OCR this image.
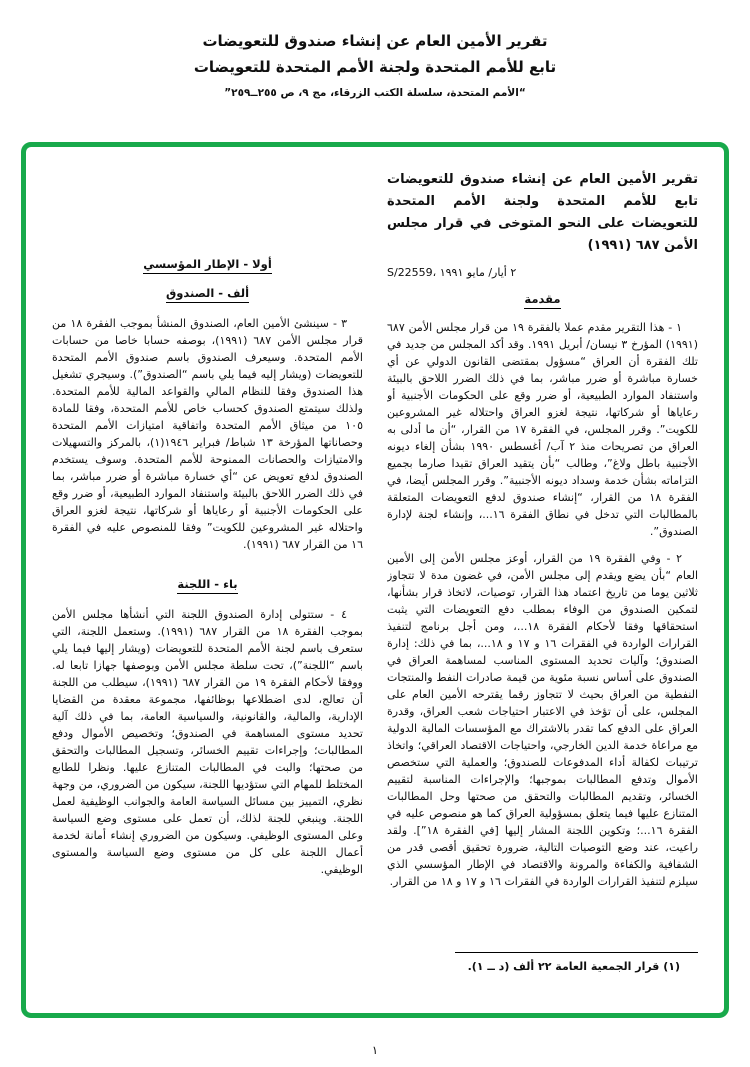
تقرير الأمين العام عن إنشاء صندوق للتعويضات
تابع للأمم المتحدة ولجنة الأمم المتحدة للتعويضات
“الأمم المتحدة، سلسلة الكتب الزرقاء، مج ٩، ص ٢٥٥ــ٢٥٩”
تقرير الأمين العام عن إنشاء صندوق للتعويضات تابع للأمم المتحدة ولجنة الأمم المتحدة للتعويضات على النحو المتوخى في قرار مجلس الأمن ٦٨٧ (١٩٩١)
S/22559، ٢ أيار/ مايو ١٩٩١
مقدمة

١ - هذا التقرير مقدم عملا بالفقرة ١٩ من قرار مجلس الأمن ٦٨٧ (١٩٩١) المؤرخ ٣ نيسان/ أبريل ١٩٩١. وقد أكد المجلس من جديد في تلك الفقرة أن العراق “مسؤول بمقتضى القانون الدولي عن أي خسارة مباشرة أو ضرر مباشر، بما في ذلك الضرر اللاحق بالبيئة واستنفاد الموارد الطبيعية، أو ضرر وقع على الحكومات الأجنبية أو رعاياها أو شركاتها، نتيجة لغزو العراق واحتلاله غير المشروعين للكويت”. وقرر المجلس، في الفقرة ١٧ من القرار، “أن ما أدلى به العراق من تصريحات منذ ٢ آب/ أغسطس ١٩٩٠ بشأن إلغاء ديونه الأجنبية باطل ولاغ”، وطالب “بأن يتقيد العراق تقيدا صارما بجميع التزاماته بشأن خدمة وسداد ديونه الأجنبية”. وقرر المجلس أيضا، في الفقرة ١٨ من القرار، “إنشاء صندوق لدفع التعويضات المتعلقة بالمطالبات التي تدخل في نطاق الفقرة ١٦...، وإنشاء لجنة لإدارة الصندوق”.

٢ - وفي الفقرة ١٩ من القرار، أوعز مجلس الأمن إلى الأمين العام “بأن يضع ويقدم إلى مجلس الأمن، في غضون مدة لا تتجاوز ثلاثين يوما من تاريخ اعتماد هذا القرار، توصيات، لاتخاذ قرار بشأنها، لتمكين الصندوق من الوفاء بمطلب دفع التعويضات التي يثبت استحقاقها وفقا لأحكام الفقرة ١٨...، ومن أجل برنامج لتنفيذ القرارات الواردة في الفقرات ١٦ و ١٧ و ١٨...، بما في ذلك: إدارة الصندوق؛ وآليات تحديد المستوى المناسب لمساهمة العراق في الصندوق على أساس نسبة مئوية من قيمة صادرات النفط والمنتجات النفطية من العراق بحيث لا تتجاوز رقما يقترحه الأمين العام على المجلس، على أن تؤخذ في الاعتبار احتياجات شعب العراق، وقدرة العراق على الدفع كما تقدر بالاشتراك مع المؤسسات المالية الدولية مع مراعاة خدمة الدين الخارجي، واحتياجات الاقتصاد العراقي؛ واتخاذ ترتيبات لكفالة أداء المدفوعات للصندوق؛ والعملية التي ستخصص الأموال وتدفع المطالبات بموجبها؛ والإجراءات المناسبة لتقييم الخسائر، وتقديم المطالبات والتحقق من صحتها وحل المطالبات المتنازع عليها فيما يتعلق بمسؤولية العراق كما هو منصوص عليه في الفقرة ١٦...؛ وتكوين اللجنة المشار إليها [في الفقرة ١٨”]. ولقد راعيت، عند وضع التوصيات التالية، ضرورة تحقيق أقصى قدر من الشفافية والكفاءة والمرونة والاقتصاد في الإطار المؤسسي الذي سيلزم لتنفيذ القرارات الواردة في الفقرات ١٦ و ١٧ و ١٨ من القرار.

(١) قرار الجمعية العامة ٢٢ ألف (د ــ ١).
أولا - الإطار المؤسسي
ألف - الصندوق

٣ - سينشئ الأمين العام، الصندوق المنشأ بموجب الفقرة ١٨ من قرار مجلس الأمن ٦٨٧ (١٩٩١)، بوصفه حسابا خاصا من حسابات الأمم المتحدة. وسيعرف الصندوق باسم صندوق الأمم المتحدة للتعويضات (ويشار إليه فيما يلي باسم “الصندوق”). وسيجري تشغيل هذا الصندوق وفقا للنظام المالي والقواعد المالية للأمم المتحدة. ولذلك سيتمتع الصندوق كحساب خاص للأمم المتحدة، وفقا للمادة ١٠٥ من ميثاق الأمم المتحدة واتفاقية امتيازات الأمم المتحدة وحصاناتها المؤرخة ١٣ شباط/ فبراير ١٩٤٦(١)، بالمركز والتسهيلات والامتيازات والحصانات الممنوحة للأمم المتحدة. وسوف يستخدم الصندوق لدفع تعويض عن “أي خسارة مباشرة أو ضرر مباشر، بما في ذلك الضرر اللاحق بالبيئة واستنفاد الموارد الطبيعية، أو ضرر وقع على الحكومات الأجنبية أو رعاياها أو شركاتها، نتيجة لغزو العراق واحتلاله غير المشروعين للكويت” وفقا للمنصوص عليه في الفقرة ١٦ من القرار ٦٨٧ (١٩٩١).

باء - اللجنة

٤ - ستتولى إدارة الصندوق اللجنة التي أنشأها مجلس الأمن بموجب الفقرة ١٨ من القرار ٦٨٧ (١٩٩١). وستعمل اللجنة، التي ستعرف باسم لجنة الأمم المتحدة للتعويضات (ويشار إليها فيما يلي باسم “اللجنة”)، تحت سلطة مجلس الأمن وبوصفها جهازا تابعا له. ووفقا لأحكام الفقرة ١٩ من القرار ٦٨٧ (١٩٩١)، سيطلب من اللجنة أن تعالج، لدى اضطلاعها بوظائفها، مجموعة معقدة من القضايا الإدارية، والمالية، والقانونية، والسياسية العامة، بما في ذلك آلية تحديد مستوى المساهمة في الصندوق؛ وتخصيص الأموال ودفع المطالبات؛ وإجراءات تقييم الخسائر، وتسجيل المطالبات والتحقق من صحتها؛ والبت في المطالبات المتنازع عليها. ونظرا للطابع المختلط للمهام التي ستؤديها اللجنة، سيكون من الضروري، من وجهة نظري، التمييز بين مسائل السياسة العامة والجوانب الوظيفية لعمل اللجنة. وينبغي للجنة لذلك، أن تعمل على مستوى وضع السياسة وعلى المستوى الوظيفي. وسيكون من الضروري إنشاء أمانة لخدمة أعمال اللجنة على كل من مستوى وضع السياسة والمستوى الوظيفي.

١
